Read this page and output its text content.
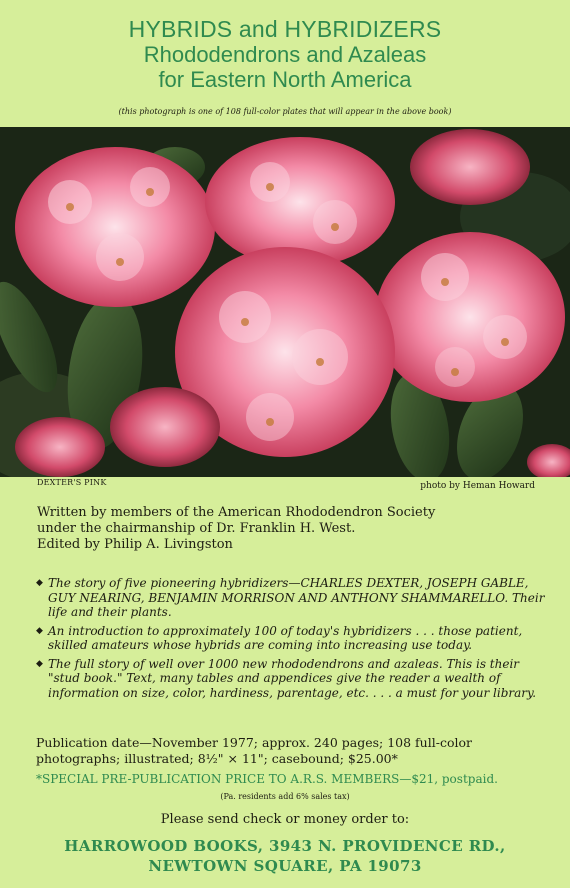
HYBRIDS and HYBRIDIZERS
Rhododendrons and Azaleas
for Eastern North America
(this photograph is one of 108 full-color plates that will appear in the above book)
DEXTER'S PINK	photo by Heman Howard
Written by members of the American Rhododendron Society
under the chairmanship of Dr. Franklin H. West.
Edited by Philip A. Livingston
◆ The story of five pioneering hybridizers—CHARLES DEXTER, JOSEPH GABLE, GUY NEARING, BENJAMIN MORRISON AND ANTHONY SHAMMARELLO. Their life and their plants.
◆ An introduction to approximately 100 of today's hybridizers . . . those patient, skilled amateurs whose hybrids are coming into increasing use today.
◆ The full story of well over 1000 new rhododendrons and azaleas. This is their "stud book." Text, many tables and appendices give the reader a wealth of information on size, color, hardiness, parentage, etc. . . . a must for your library.
Publication date—November 1977; approx. 240 pages; 108 full-color photographs; illustrated; 8½" × 11"; casebound; $25.00*
*SPECIAL PRE-PUBLICATION PRICE TO A.R.S. MEMBERS—$21, postpaid.
(Pa. residents add 6% sales tax)
Please send check or money order to:
HARROWOOD BOOKS, 3943 N. PROVIDENCE RD.,
NEWTOWN SQUARE, PA 19073
